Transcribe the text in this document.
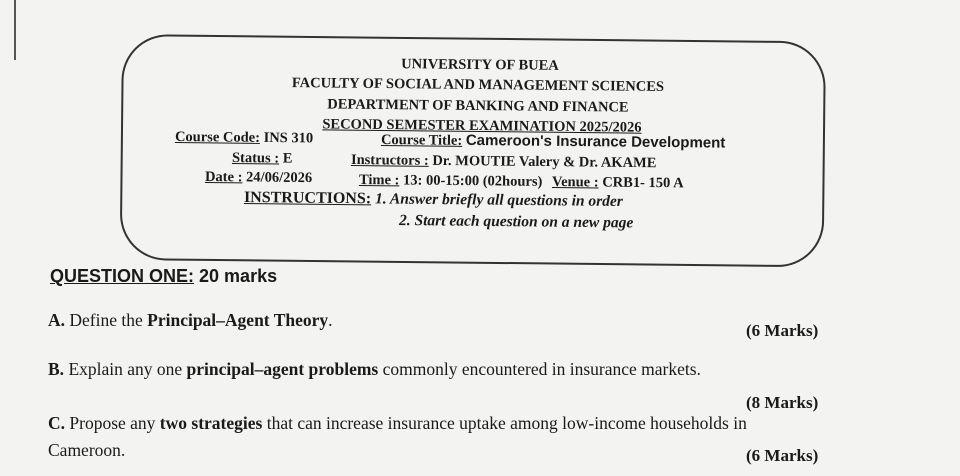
UNIVERSITY OF BUEA
FACULTY OF SOCIAL AND MANAGEMENT SCIENCES
DEPARTMENT OF BANKING AND FINANCE
SECOND SEMESTER EXAMINATION 2025/2026
Course Code: INS 310	Course Title: Cameroon's Insurance Development
Status : E	Instructors : Dr. MOUTIE Valery & Dr. AKAME
Date : 24/06/2026	Time : 13: 00-15:00 (02hours) Venue : CRB1- 150 A
INSTRUCTIONS: 1. Answer briefly all questions in order
2. Start each question on a new page
QUESTION ONE: 20 marks
A. Define the Principal–Agent Theory.
(6 Marks)
B. Explain any one principal–agent problems commonly encountered in insurance markets.
(8 Marks)
C. Propose any two strategies that can increase insurance uptake among low-income households in
Cameroon.	(6 Marks)
